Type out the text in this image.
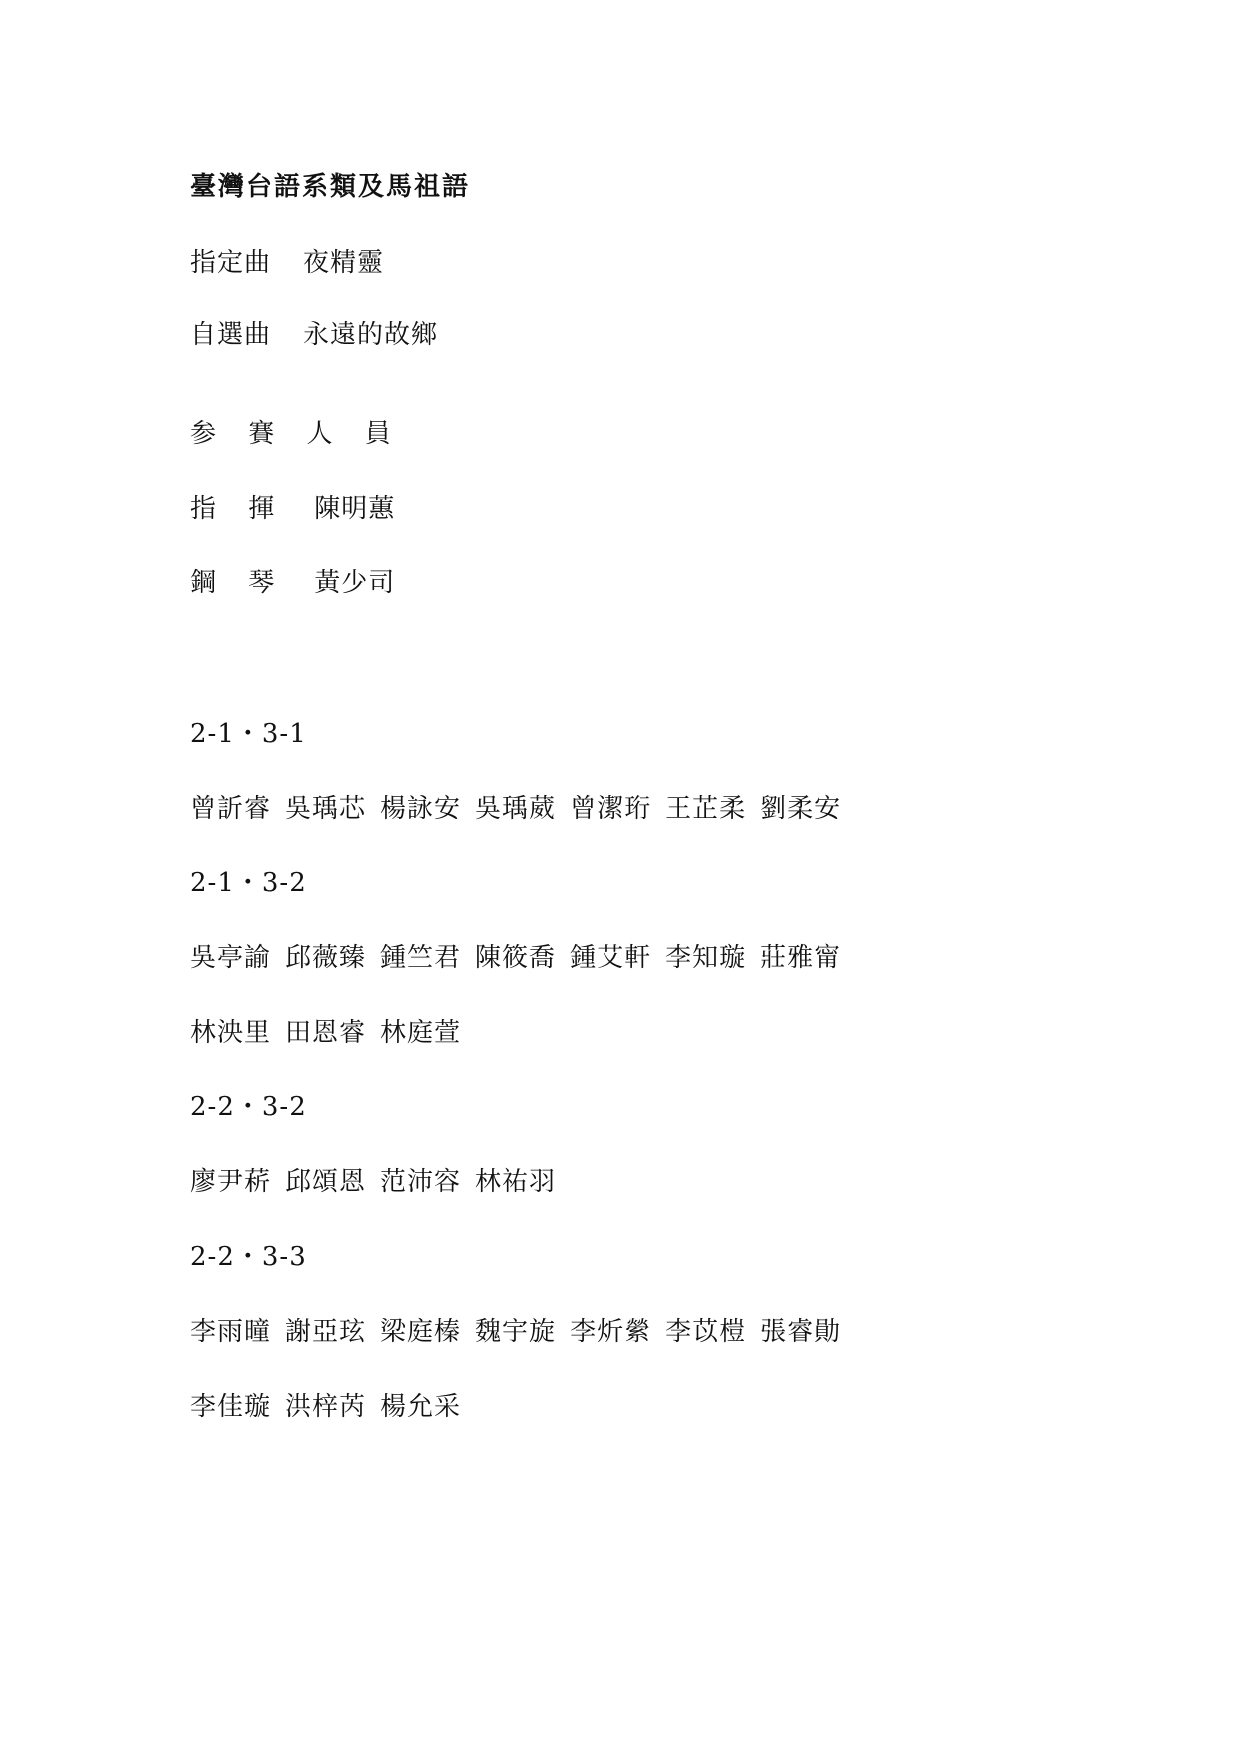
臺灣台語系類及馬祖語
指定曲 夜精靈
自選曲 永遠的故鄉
参 賽 人 員
指 揮 陳明蕙
鋼 琴 黃少司
2-1・3-1
曾訢睿 吳瑀芯 楊詠安 吳瑀葳 曾潔珩 王芷柔 劉柔安
2-1・3-2
吳亭諭 邱薇臻 鍾竺君 陳筱喬 鍾艾軒 李知璇 莊雅甯
林泱里 田恩睿 林庭萱
2-2・3-2
廖尹菥 邱頌恩 范沛容 林祐羽
2-2・3-3
李雨曈 謝亞玹 梁庭榛 魏宇旋 李炘縈 李苡榿 張睿勛
李佳璇 洪梓芮 楊允采
